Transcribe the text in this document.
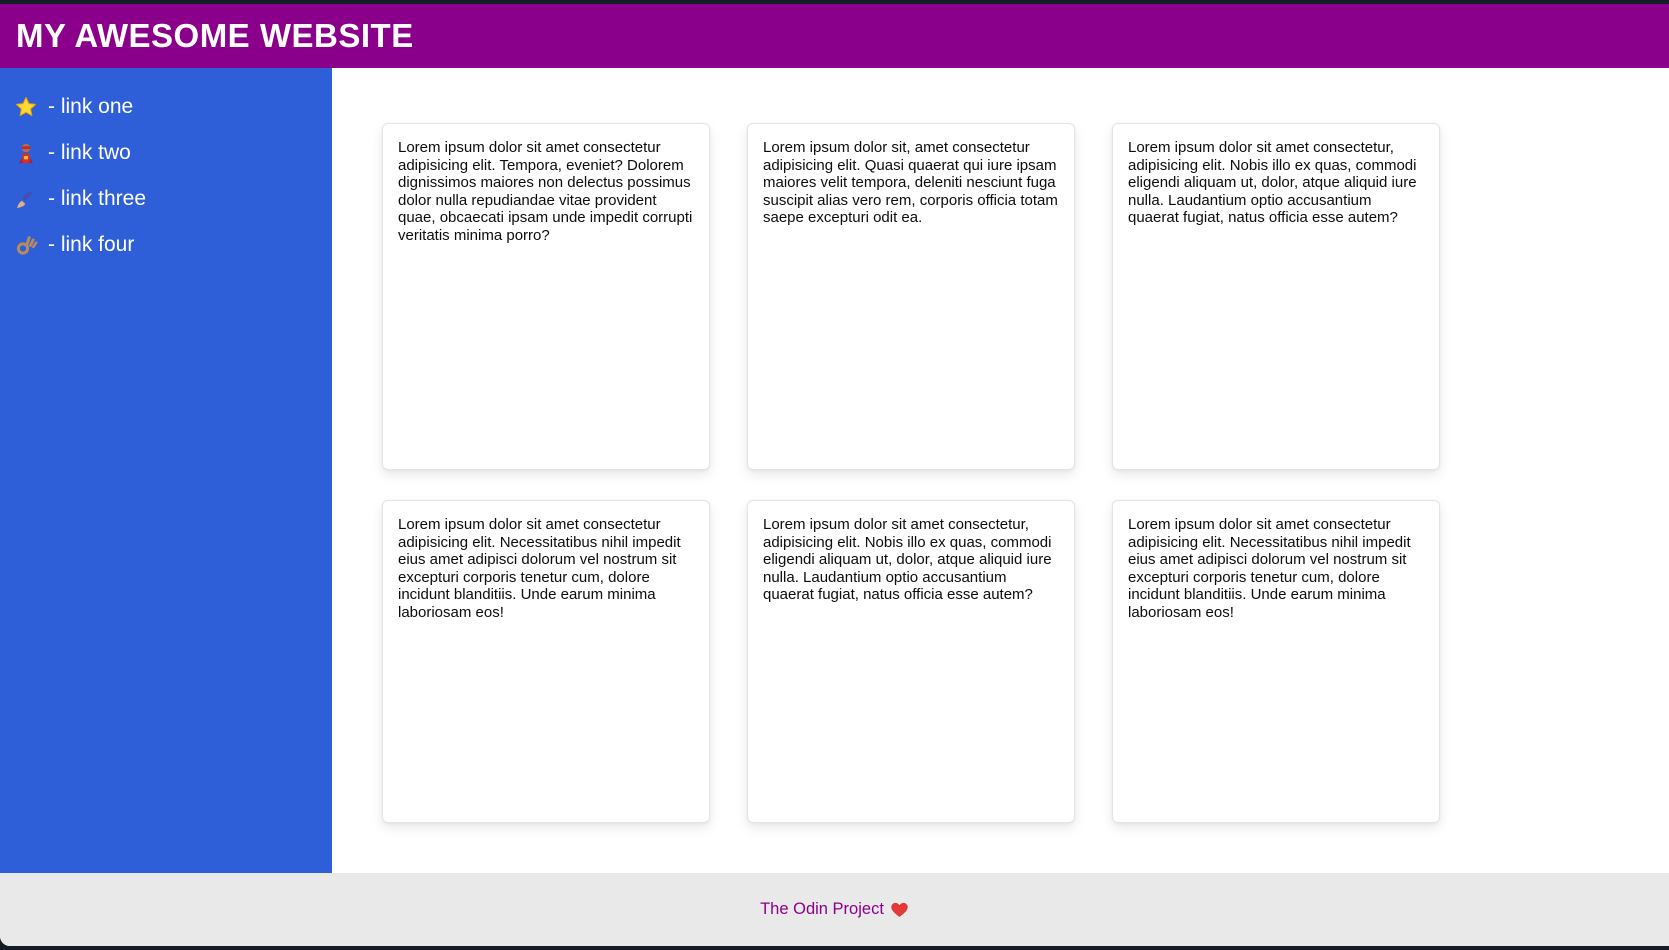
MY AWESOME WEBSITE
- link one
- link two
- link three
- link four

Lorem ipsum dolor sit amet consectetur adipisicing elit. Tempora, eveniet? Dolorem dignissimos maiores non delectus possimus dolor nulla repudiandae vitae provident quae, obcaecati ipsam unde impedit corrupti veritatis minima porro?

Lorem ipsum dolor sit, amet consectetur adipisicing elit. Quasi quaerat qui iure ipsam maiores velit tempora, deleniti nesciunt fuga suscipit alias vero rem, corporis officia totam saepe excepturi odit ea.

Lorem ipsum dolor sit amet consectetur, adipisicing elit. Nobis illo ex quas, commodi eligendi aliquam ut, dolor, atque aliquid iure nulla. Laudantium optio accusantium quaerat fugiat, natus officia esse autem?

Lorem ipsum dolor sit amet consectetur adipisicing elit. Necessitatibus nihil impedit eius amet adipisci dolorum vel nostrum sit excepturi corporis tenetur cum, dolore incidunt blanditiis. Unde earum minima laboriosam eos!

Lorem ipsum dolor sit amet consectetur, adipisicing elit. Nobis illo ex quas, commodi eligendi aliquam ut, dolor, atque aliquid iure nulla. Laudantium optio accusantium quaerat fugiat, natus officia esse autem?

Lorem ipsum dolor sit amet consectetur adipisicing elit. Necessitatibus nihil impedit eius amet adipisci dolorum vel nostrum sit excepturi corporis tenetur cum, dolore incidunt blanditiis. Unde earum minima laboriosam eos!

The Odin Project
